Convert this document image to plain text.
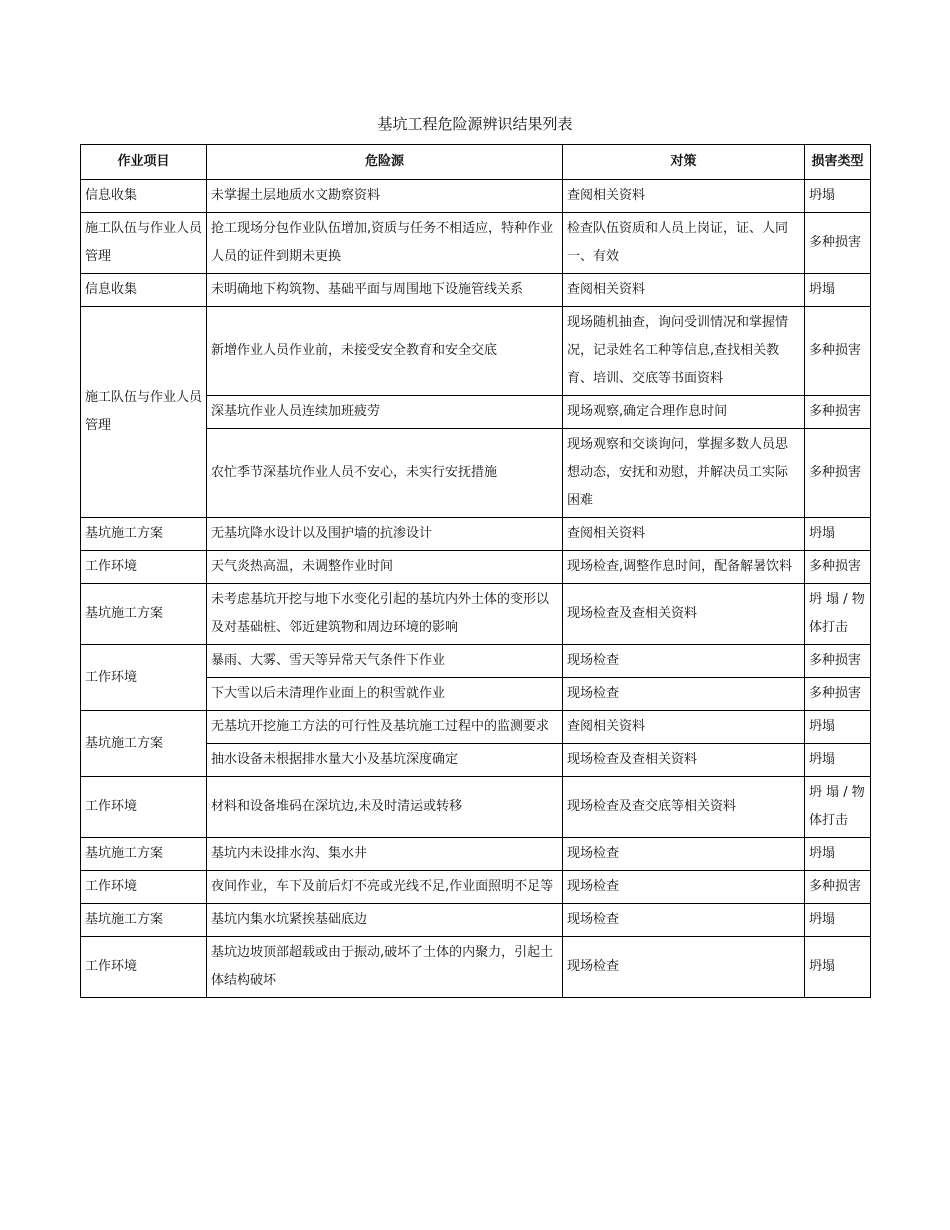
基坑工程危险源辨识结果列表
作业项目	危险源	对策	损害类型
信息收集	未掌握土层地质水文勘察资料	查阅相关资料	坍塌
施工队伍与作业人员管理	抢工现场分包作业队伍增加,资质与任务不相适应，特种作业人员的证件到期未更换	检查队伍资质和人员上岗证，证、人同一、有效	多种损害
信息收集	未明确地下构筑物、基础平面与周围地下设施管线关系	查阅相关资料	坍塌
施工队伍与作业人员管理	新增作业人员作业前，未接受安全教育和安全交底	现场随机抽查，询问受训情况和掌握情况，记录姓名工种等信息,查找相关教育、培训、交底等书面资料	多种损害
	深基坑作业人员连续加班疲劳	现场观察,确定合理作息时间	多种损害
	农忙季节深基坑作业人员不安心，未实行安抚措施	现场观察和交谈询问，掌握多数人员思想动态，安抚和劝慰，并解决员工实际困难	多种损害
基坑施工方案	无基坑降水设计以及围护墙的抗渗设计	查阅相关资料	坍塌
工作环境	天气炎热高温，未调整作业时间	现场检查,调整作息时间，配备解暑饮料	多种损害
基坑施工方案	未考虑基坑开挖与地下水变化引起的基坑内外土体的变形以及对基础桩、邻近建筑物和周边环境的影响	现场检查及查相关资料	坍 塌 / 物体打击
工作环境	暴雨、大雾、雪天等异常天气条件下作业	现场检查	多种损害
	下大雪以后未清理作业面上的积雪就作业	现场检查	多种损害
基坑施工方案	无基坑开挖施工方法的可行性及基坑施工过程中的监测要求	查阅相关资料	坍塌
	抽水设备未根据排水量大小及基坑深度确定	现场检查及查相关资料	坍塌
工作环境	材料和设备堆码在深坑边,未及时清运或转移	现场检查及查交底等相关资料	坍 塌 / 物体打击
基坑施工方案	基坑内未设排水沟、集水井	现场检查	坍塌
工作环境	夜间作业，车下及前后灯不亮或光线不足,作业面照明不足等	现场检查	多种损害
基坑施工方案	基坑内集水坑紧挨基础底边	现场检查	坍塌
工作环境	基坑边坡顶部超载或由于振动,破坏了土体的内聚力，引起土体结构破坏	现场检查	坍塌
